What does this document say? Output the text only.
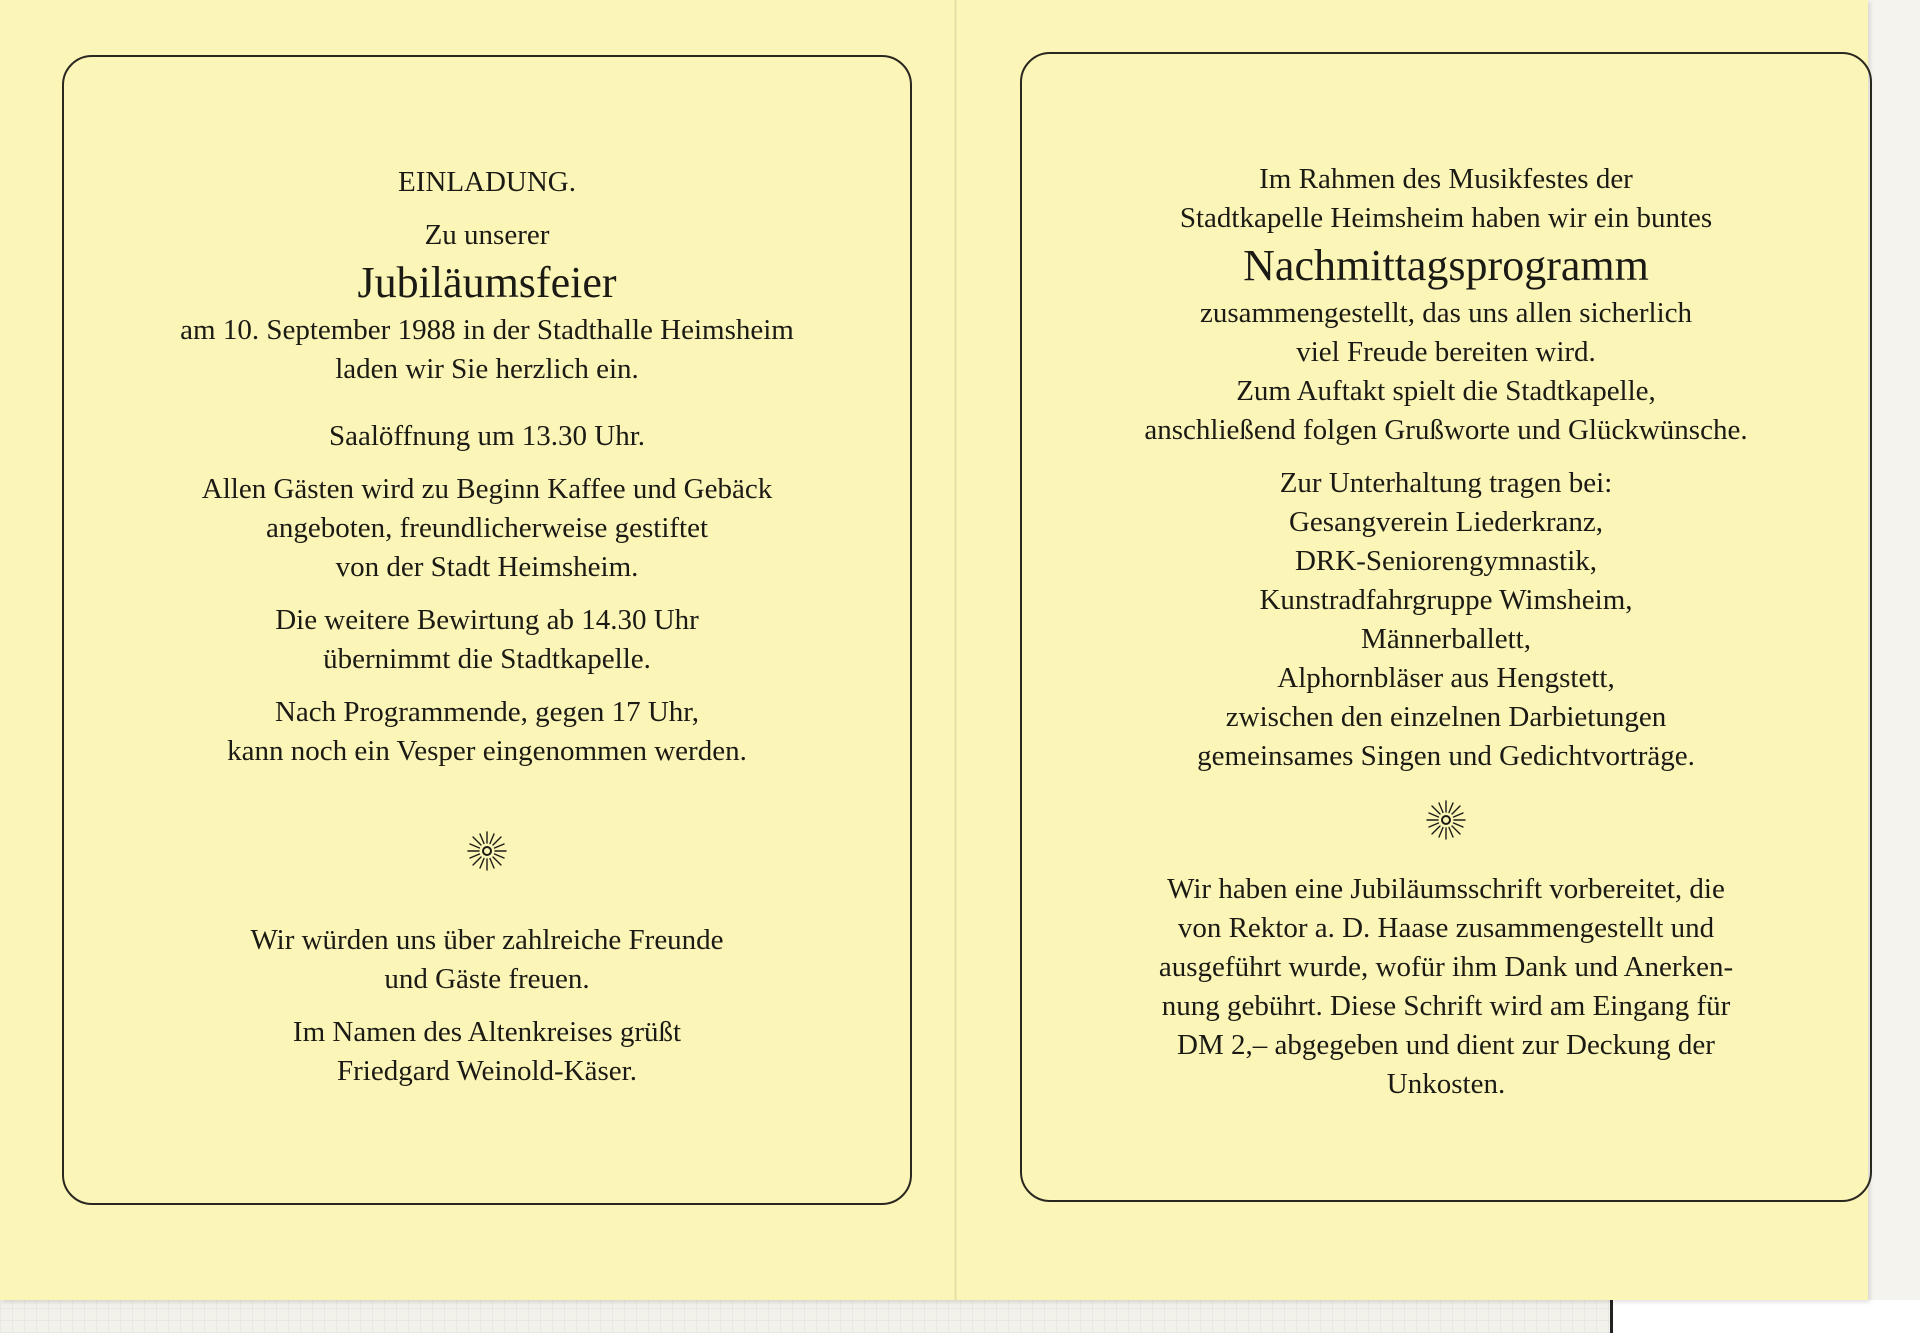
EINLADUNG.

Zu unserer

Jubiläumsfeier

am 10. September 1988 in der Stadthalle Heimsheim

laden wir Sie herzlich ein.

Saalöffnung um 13.30 Uhr.

Allen Gästen wird zu Beginn Kaffee und Gebäck

angeboten, freundlicherweise gestiftet

von der Stadt Heimsheim.

Die weitere Bewirtung ab 14.30 Uhr

übernimmt die Stadtkapelle.

Nach Programmende, gegen 17 Uhr,

kann noch ein Vesper eingenommen werden.

Wir würden uns über zahlreiche Freunde

und Gäste freuen.

Im Namen des Altenkreises grüßt

Friedgard Weinold-Käser.

Im Rahmen des Musikfestes der

Stadtkapelle Heimsheim haben wir ein buntes

Nachmittagsprogramm

zusammengestellt, das uns allen sicherlich

viel Freude bereiten wird.

Zum Auftakt spielt die Stadtkapelle,

anschließend folgen Grußworte und Glückwünsche.

Zur Unterhaltung tragen bei:

Gesangverein Liederkranz,

DRK-Seniorengymnastik,

Kunstradfahrgruppe Wimsheim,

Männerballett,

Alphornbläser aus Hengstett,

zwischen den einzelnen Darbietungen

gemeinsames Singen und Gedichtvorträge.

Wir haben eine Jubiläumsschrift vorbereitet, die

von Rektor a. D. Haase zusammengestellt und

ausgeführt wurde, wofür ihm Dank und Anerken-

nung gebührt. Diese Schrift wird am Eingang für

DM 2,– abgegeben und dient zur Deckung der

Unkosten.
